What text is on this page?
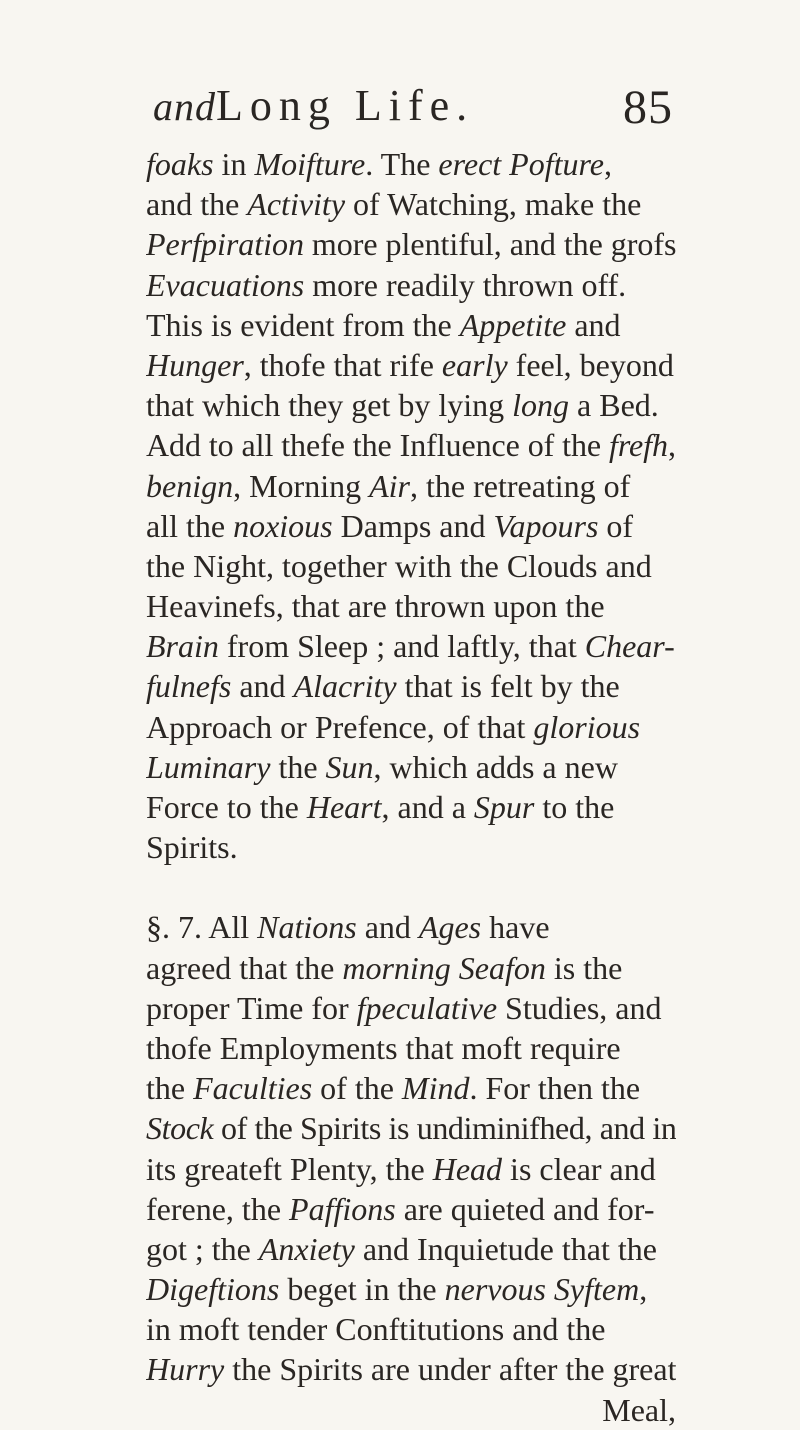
andLong Life.	85
foaks in Moifture. The erect Pofture,
and the Activity of Watching, make the
Perfpiration more plentiful, and the grofs
Evacuations more readily thrown off.
This is evident from the Appetite and
Hunger, thofe that rife early feel, beyond
that which they get by lying long a Bed.
Add to all thefe the Influence of the frefh,
benign, Morning Air, the retreating of
all the noxious Damps and Vapours of
the Night, together with the Clouds and
Heavinefs, that are thrown upon the
Brain from Sleep ; and laftly, that Chear-
fulnefs and Alacrity that is felt by the
Approach or Prefence, of that glorious
Luminary the Sun, which adds a new
Force to the Heart, and a Spur to the
Spirits.
§. 7. All Nations and Ages have
agreed that the morning Seafon is the
proper Time for fpeculative Studies, and
thofe Employments that moft require
the Faculties of the Mind. For then the
Stock of the Spirits is undiminifhed, and in
its greateft Plenty, the Head is clear and
ferene, the Paffions are quieted and for-
got ; the Anxiety and Inquietude that the
Digeftions beget in the nervous Syftem,
in moft tender Conftitutions and the
Hurry the Spirits are under after the great
Meal,
